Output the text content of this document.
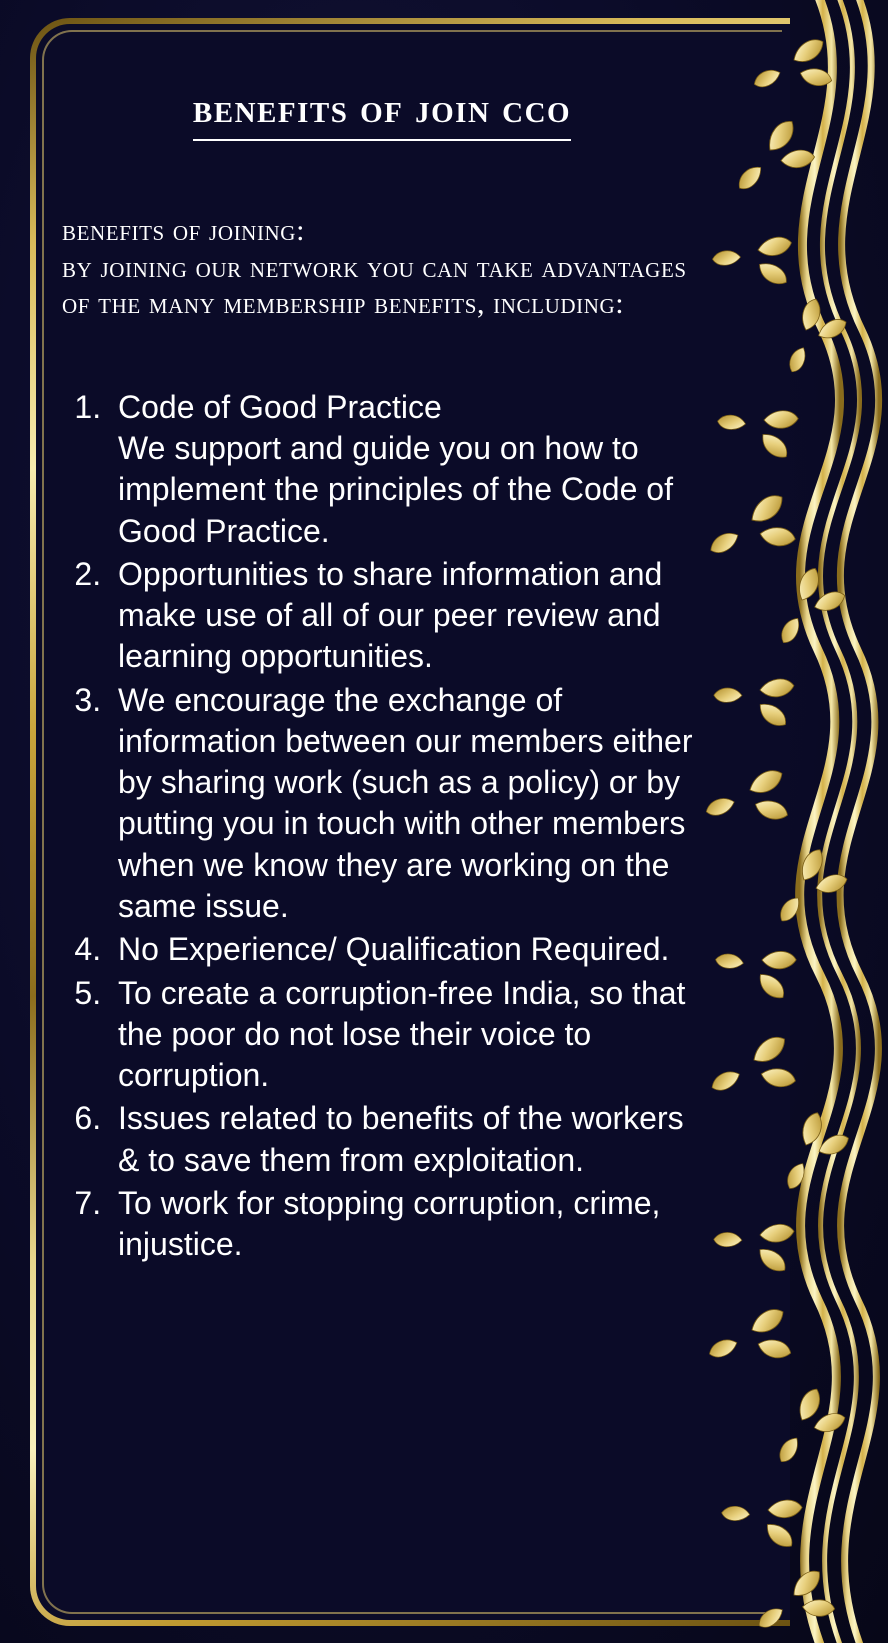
benefits of join cco
benefits of joining:
by joining our network you can take advantages of the many membership benefits, including:
1. Code of Good Practice
We support and guide you on how to implement the principles of the Code of Good Practice.
2. Opportunities to share information and make use of all of our peer review and learning opportunities.
3. We encourage the exchange of information between our members either by sharing work (such as a policy) or by putting you in touch with other members when we know they are working on the same issue.
4. No Experience/ Qualification Required.
5. To create a corruption-free India, so that the poor do not lose their voice to corruption.
6. Issues related to benefits of the workers & to save them from exploitation.
7. To work for stopping corruption, crime, injustice.
